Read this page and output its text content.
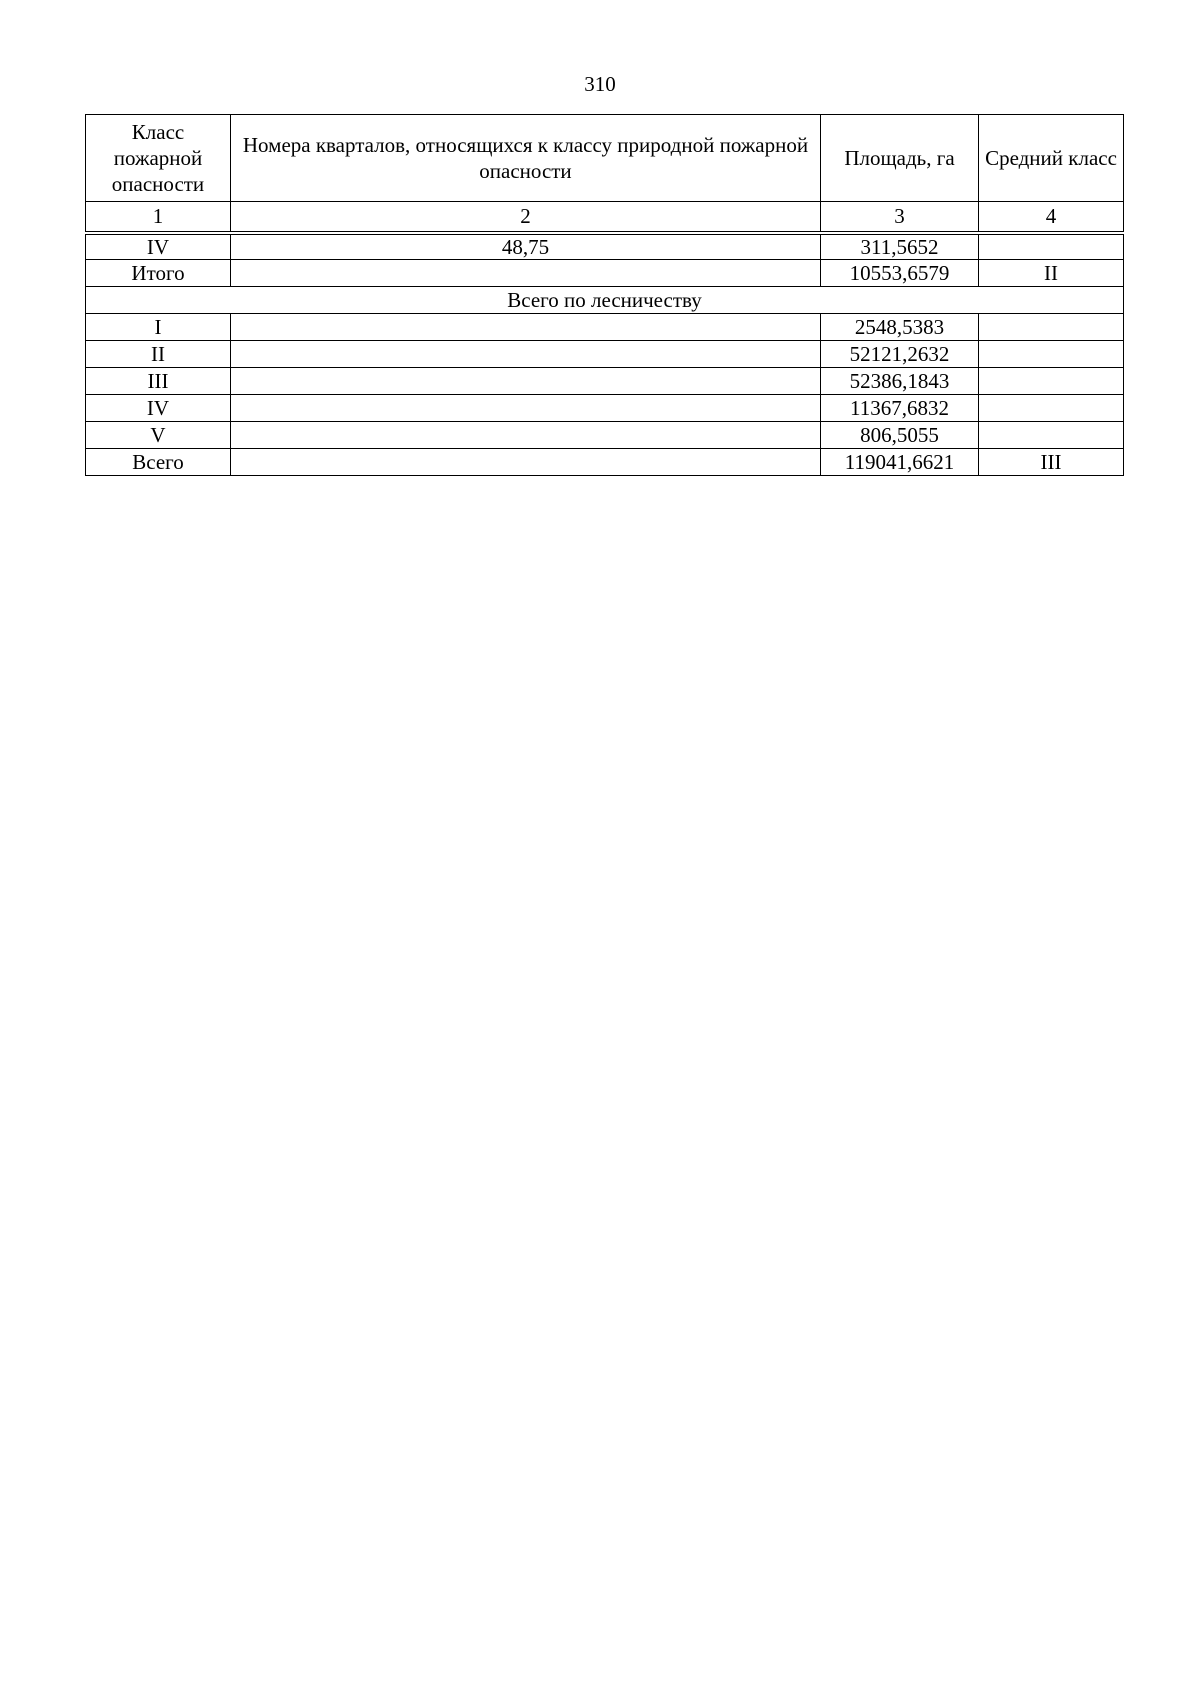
310
Класс пожарной опасности	Номера кварталов, относящихся к классу природной пожарной опасности	Площадь, га	Средний класс
1	2	3	4
IV	48,75	311,5652	
Итого		10553,6579	II
Всего по лесничеству			
I		2548,5383	
II		52121,2632	
III		52386,1843	
IV		11367,6832	
V		806,5055	
Всего		119041,6621	III
